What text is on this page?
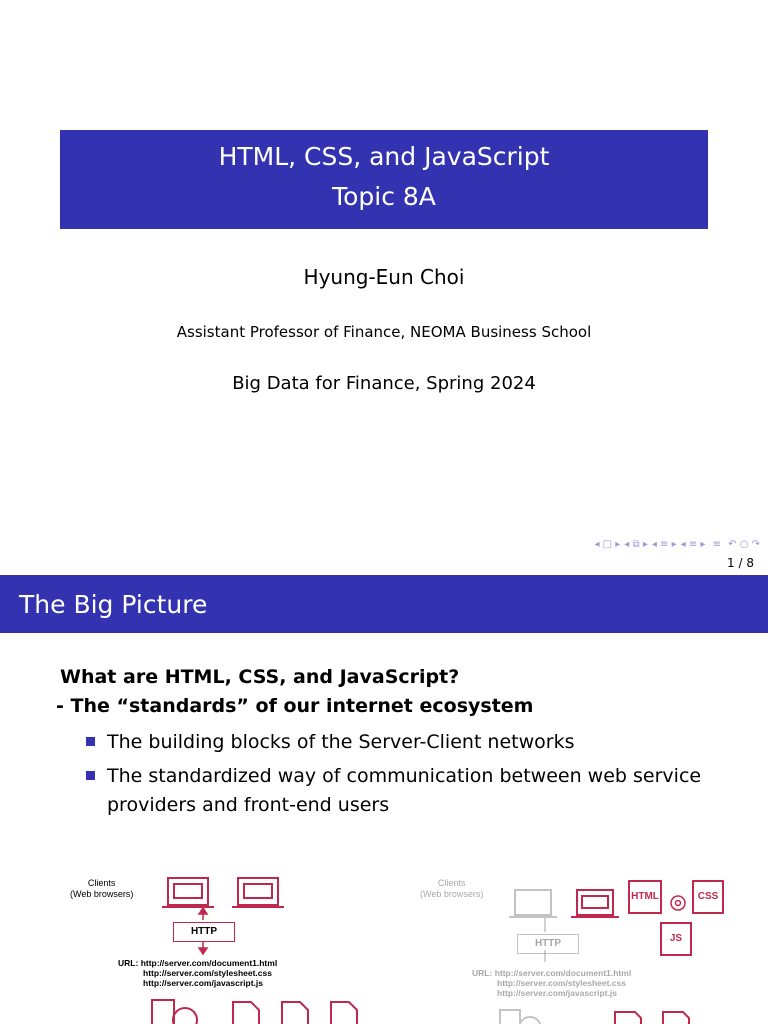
HTML, CSS, and JavaScript
Topic 8A
Hyung-Eun Choi
Assistant Professor of Finance, NEOMA Business School
Big Data for Finance, Spring 2024
◂ □ ▸ ◂ ⧉ ▸ ◂ ≡ ▸ ◂ ≡ ▸ ≡ ↶ ○ ↷
1 / 8
The Big Picture
What are HTML, CSS, and JavaScript?
- The “standards” of our internet ecosystem
The building blocks of the Server-Client networks
The standardized way of communication between web service providers and front-end users
Clients
(Web browsers)
HTTP
URL: http://server.com/document1.html
http://server.com/stylesheet.css
http://server.com/javascript.js
Clients
(Web browsers)
HTTP
URL: http://server.com/document1.html
http://server.com/stylesheet.css
http://server.com/javascript.js
HTML	CSS
JS
